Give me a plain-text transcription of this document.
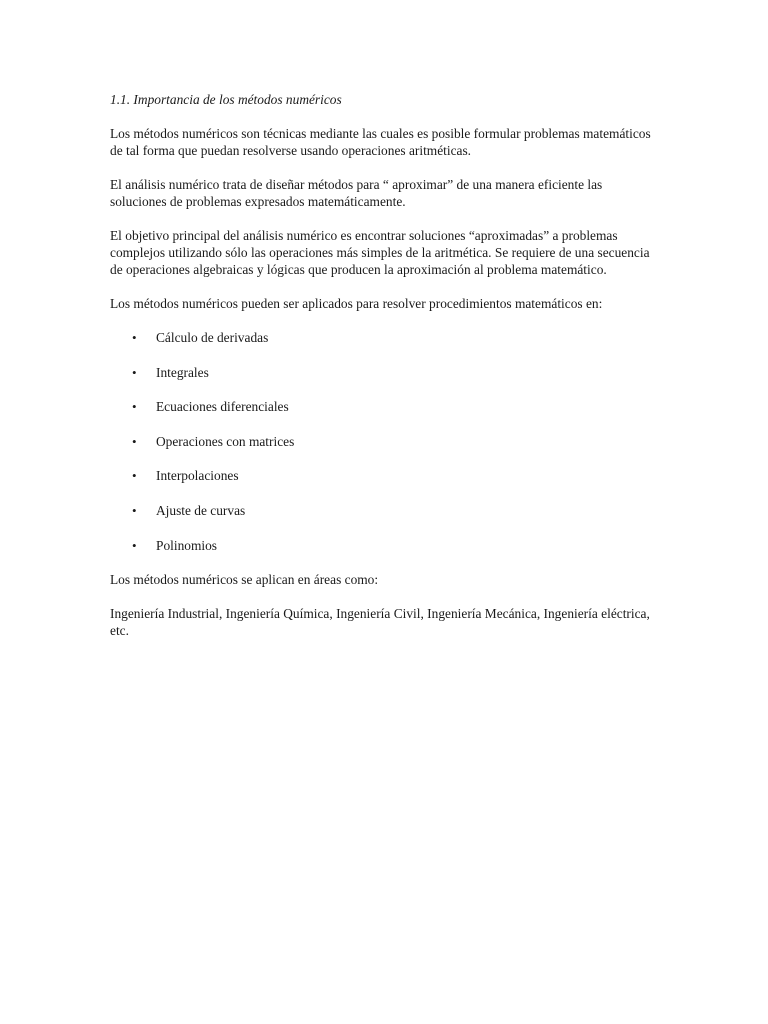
1.1. Importancia de los métodos numéricos

Los métodos numéricos son técnicas mediante las cuales es posible formular problemas matemáticos de tal forma que puedan resolverse usando operaciones aritméticas.

El análisis numérico trata de diseñar métodos para “ aproximar” de una manera eficiente las soluciones de problemas expresados matemáticamente.

El objetivo principal del análisis numérico es encontrar soluciones “aproximadas” a problemas complejos utilizando sólo las operaciones más simples de la aritmética. Se requiere de una secuencia de operaciones algebraicas y lógicas que producen la aproximación al problema matemático.

Los métodos numéricos pueden ser aplicados para resolver procedimientos matemáticos en:

• Cálculo de derivadas
• Integrales
• Ecuaciones diferenciales
• Operaciones con matrices
• Interpolaciones
• Ajuste de curvas
• Polinomios

Los métodos numéricos se aplican en áreas como:

Ingeniería Industrial, Ingeniería Química, Ingeniería Civil, Ingeniería Mecánica, Ingeniería eléctrica, etc.
